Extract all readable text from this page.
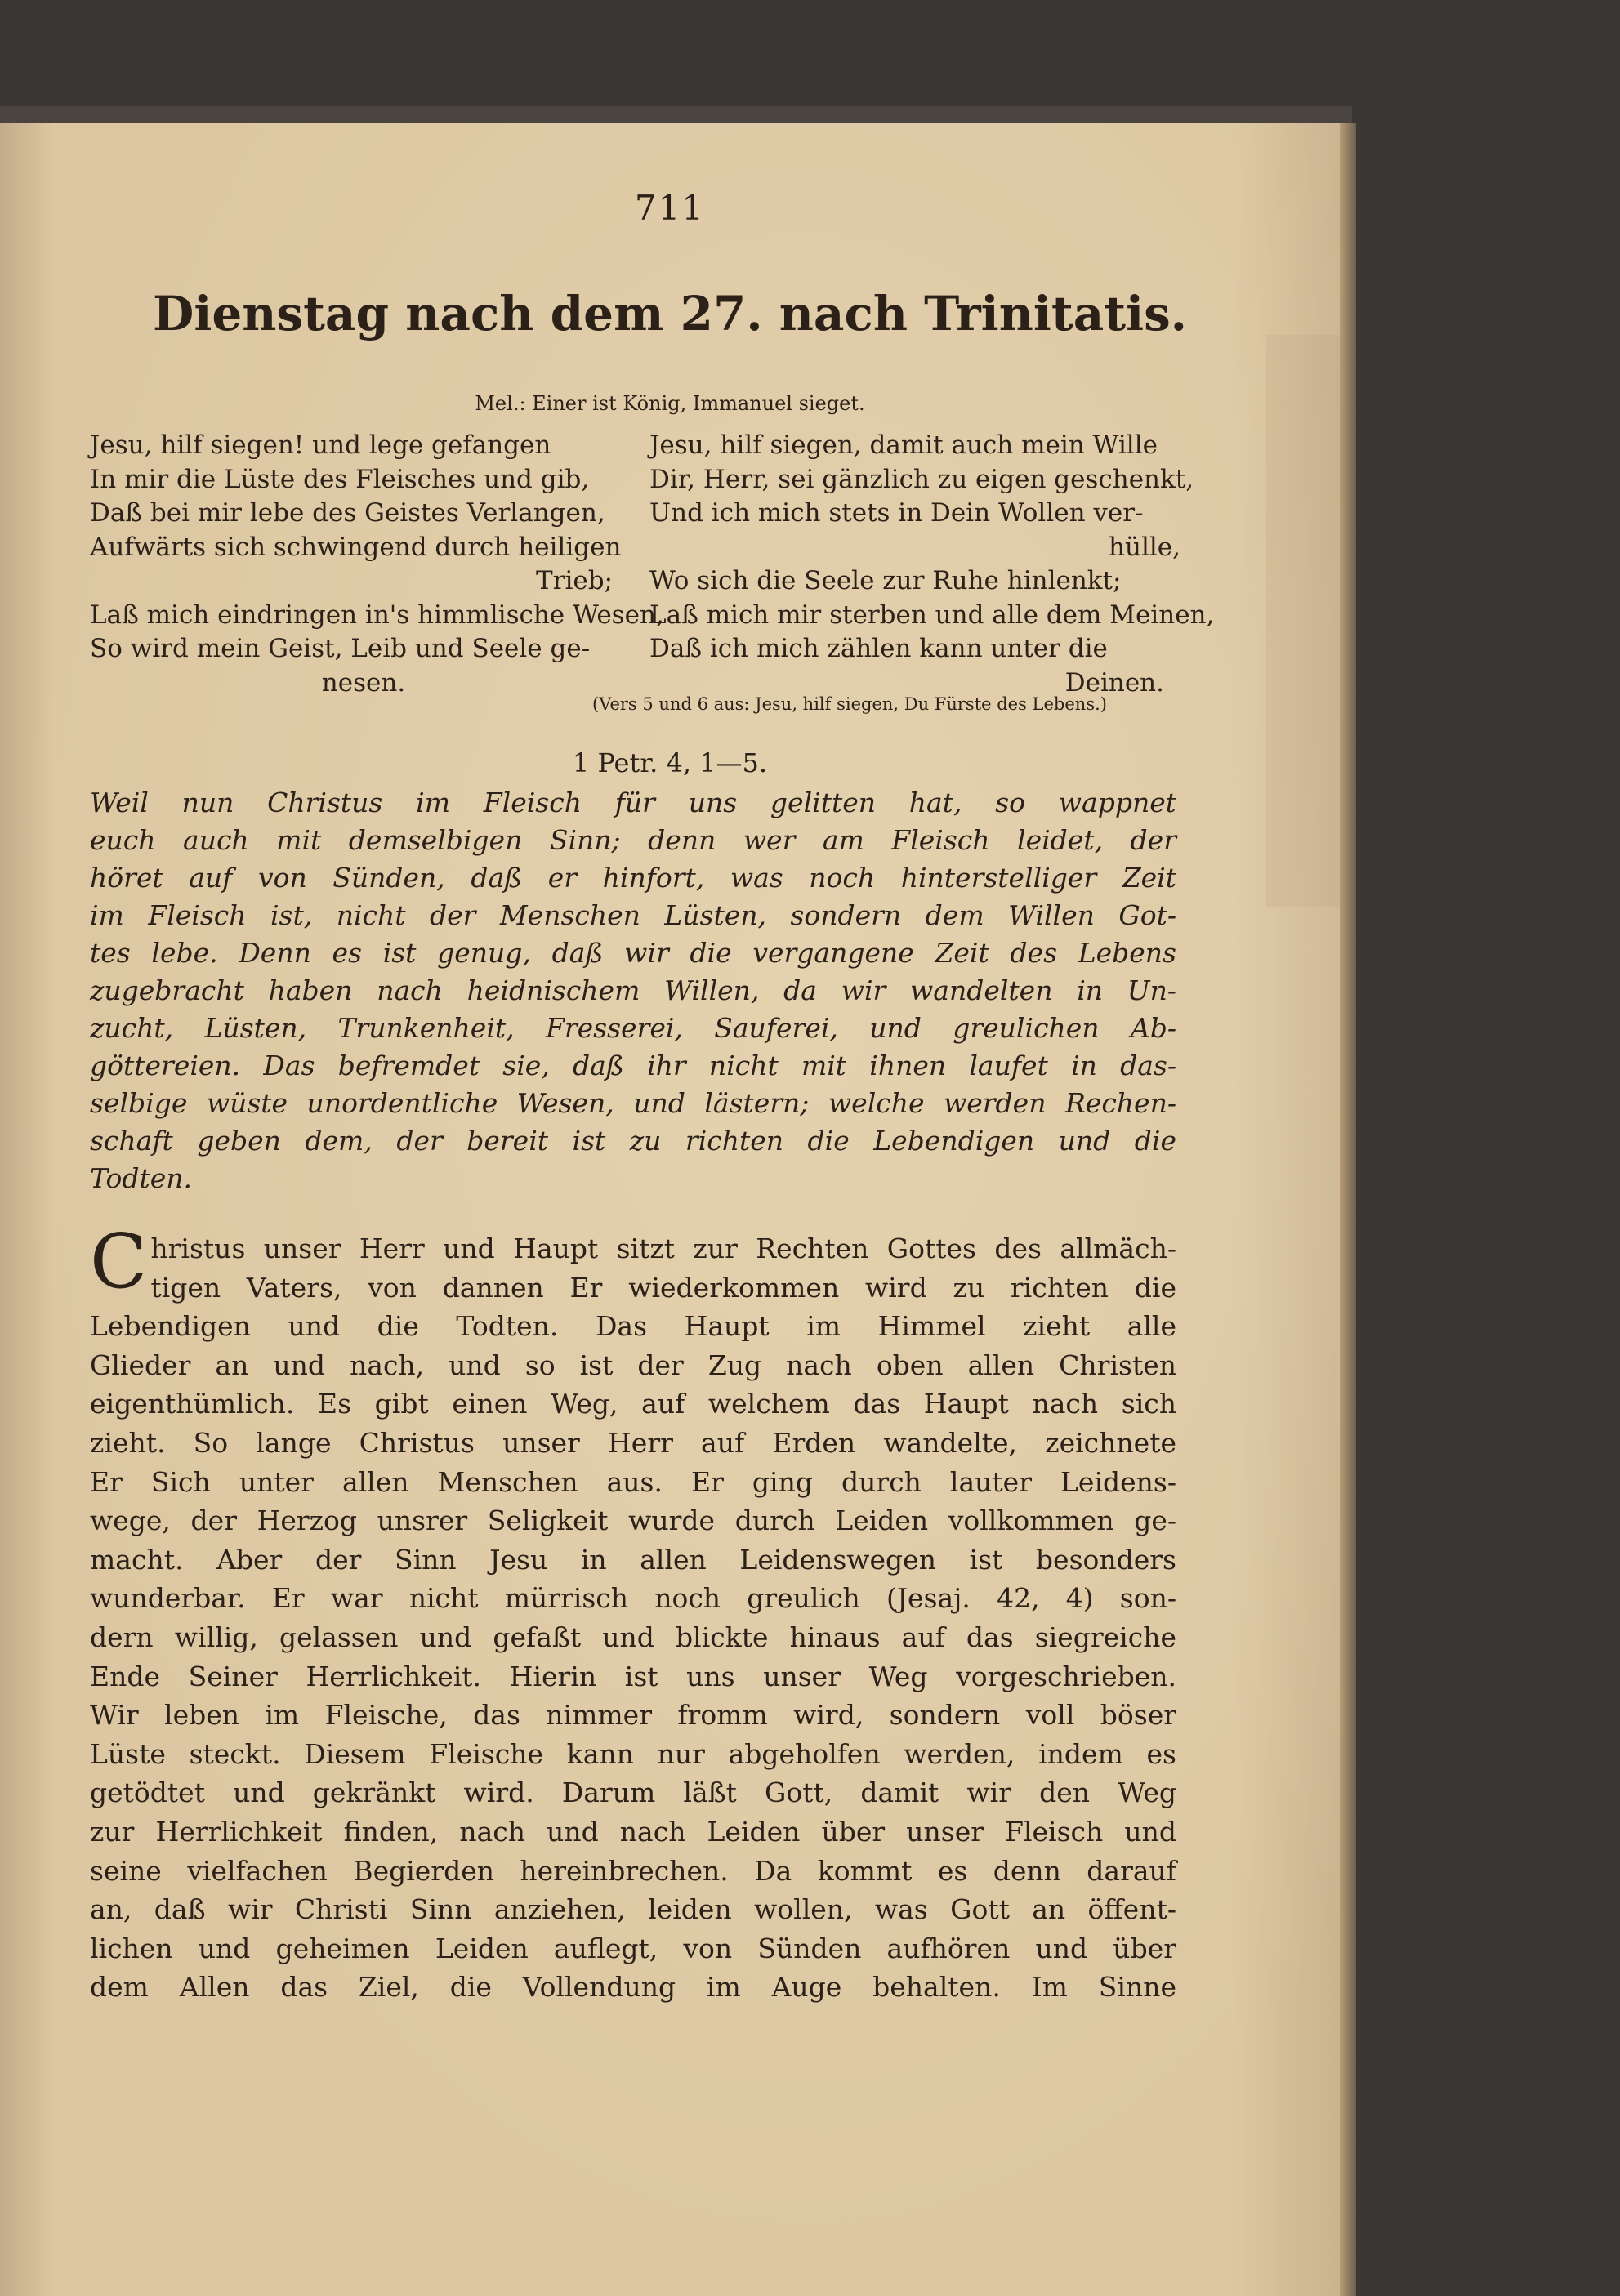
711
Dienstag nach dem 27. nach Trinitatis.
Mel.: Einer ist König, Immanuel sieget.
Jesu, hilf siegen! und lege gefangen
In mir die Lüste des Fleisches und gib,
Daß bei mir lebe des Geistes Verlangen,
Aufwärts sich schwingend durch heiligen
Trieb;
Laß mich eindringen in's himmlische Wesen,
So wird mein Geist, Leib und Seele ge-
nesen.
Jesu, hilf siegen, damit auch mein Wille
Dir, Herr, sei gänzlich zu eigen geschenkt,
Und ich mich stets in Dein Wollen ver-
hülle,
Wo sich die Seele zur Ruhe hinlenkt;
Laß mich mir sterben und alle dem Meinen,
Daß ich mich zählen kann unter die
Deinen.
(Vers 5 und 6 aus: Jesu, hilf siegen, Du Fürste des Lebens.)
1 Petr. 4, 1—5.
Weil nun Christus im Fleisch für uns gelitten hat, so wappnet
euch auch mit demselbigen Sinn; denn wer am Fleisch leidet, der
höret auf von Sünden, daß er hinfort, was noch hinterstelliger Zeit
im Fleisch ist, nicht der Menschen Lüsten, sondern dem Willen Got-
tes lebe. Denn es ist genug, daß wir die vergangene Zeit des Lebens
zugebracht haben nach heidnischem Willen, da wir wandelten in Un-
zucht, Lüsten, Trunkenheit, Fresserei, Sauferei, und greulichen Ab-
göttereien. Das befremdet sie, daß ihr nicht mit ihnen laufet in das-
selbige wüste unordentliche Wesen, und lästern; welche werden Rechen-
schaft geben dem, der bereit ist zu richten die Lebendigen und die
Todten.
C hristus unser Herr und Haupt sitzt zur Rechten Gottes des allmäch-
tigen Vaters, von dannen Er wiederkommen wird zu richten die
Lebendigen und die Todten. Das Haupt im Himmel zieht alle
Glieder an und nach, und so ist der Zug nach oben allen Christen
eigenthümlich. Es gibt einen Weg, auf welchem das Haupt nach sich
zieht. So lange Christus unser Herr auf Erden wandelte, zeichnete
Er Sich unter allen Menschen aus. Er ging durch lauter Leidens-
wege, der Herzog unsrer Seligkeit wurde durch Leiden vollkommen ge-
macht. Aber der Sinn Jesu in allen Leidenswegen ist besonders
wunderbar. Er war nicht mürrisch noch greulich (Jesaj. 42, 4) son-
dern willig, gelassen und gefaßt und blickte hinaus auf das siegreiche
Ende Seiner Herrlichkeit. Hierin ist uns unser Weg vorgeschrieben.
Wir leben im Fleische, das nimmer fromm wird, sondern voll böser
Lüste steckt. Diesem Fleische kann nur abgeholfen werden, indem es
getödtet und gekränkt wird. Darum läßt Gott, damit wir den Weg
zur Herrlichkeit finden, nach und nach Leiden über unser Fleisch und
seine vielfachen Begierden hereinbrechen. Da kommt es denn darauf
an, daß wir Christi Sinn anziehen, leiden wollen, was Gott an öffent-
lichen und geheimen Leiden auflegt, von Sünden aufhören und über
dem Allen das Ziel, die Vollendung im Auge behalten. Im Sinne
